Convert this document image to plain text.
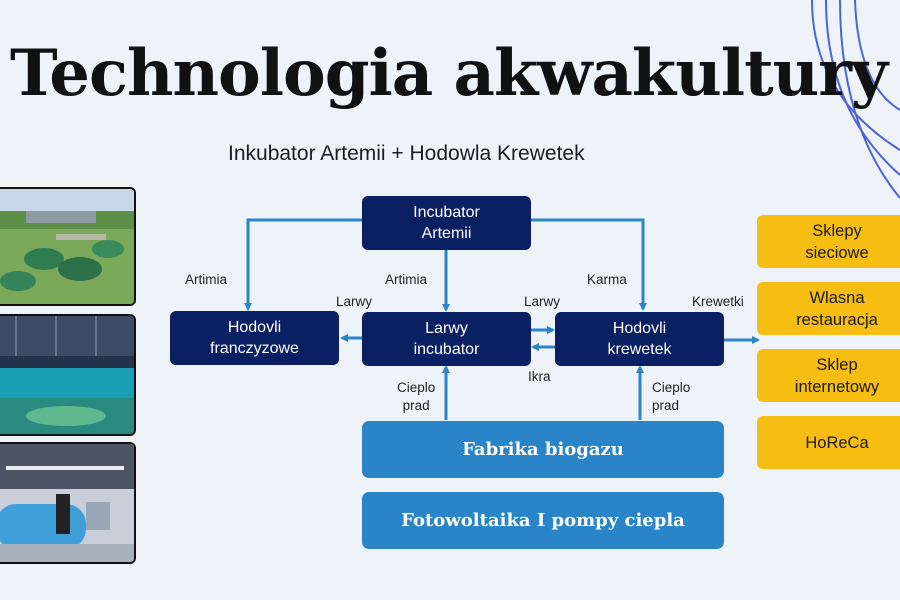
Technologia akwakultury
Inkubator Artemii + Hodowla Krewetek
Incubator
Artemii
Hodovli
franczyzowe
Larwy
incubator
Hodovli
krewetek
Fabrika biogazu
Fotowoltaika I pompy ciepla
Sklepy
sieciowe
Wlasna
restauracja
Sklep
internetowy
HoReCa
Artimia	Artimia	Karma
Larwy	Larwy	Krewetki
Ikra
Cieplo
prad
Cieplo
prad
